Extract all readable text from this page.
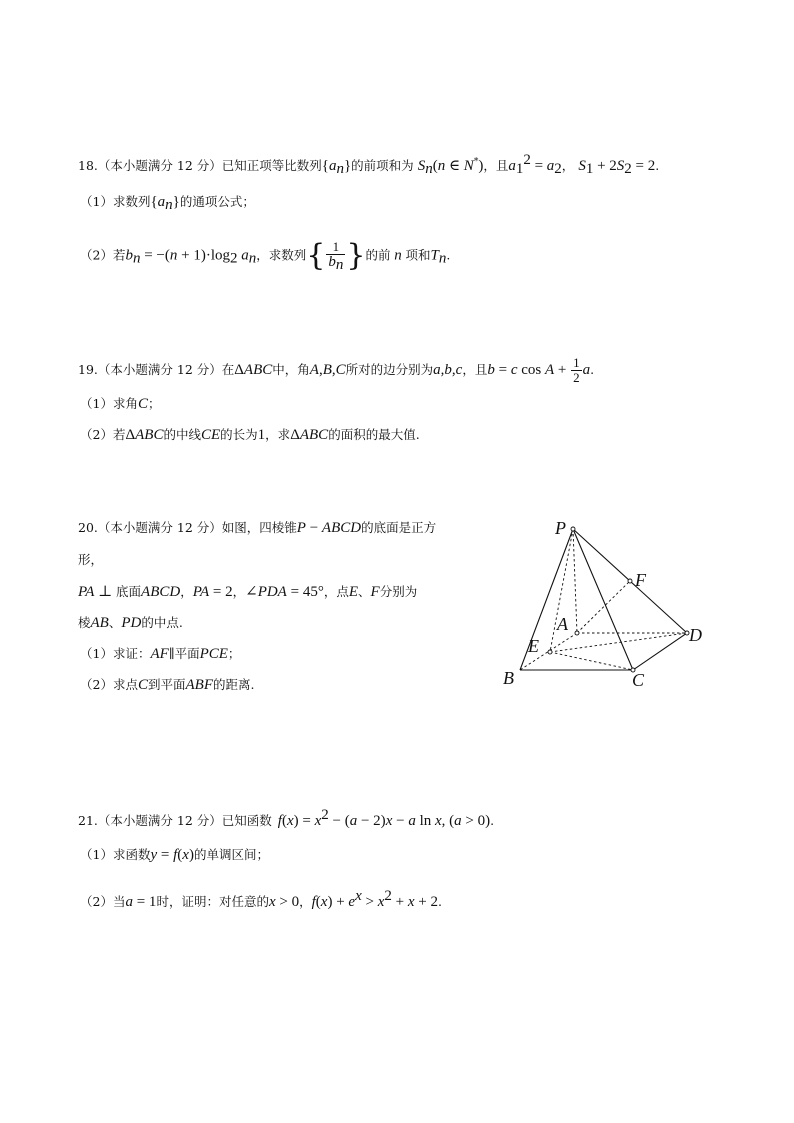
18.（本小题满分 12 分）已知正项等比数列$\{a_n\}$的前项和为 $S_n(n$ ∈ N*)，且$a_1^2 = a_2$， $S_1 + 2S_2 = 2$.
（1）求数列$\{a_n\}$的通项公式；
（2）若$b_n = -(n + 1)\cdot\log_2$ $a_n$，求数列{ $\frac{1}{b_n}$ }的前 n 项和$T_n$.
19.（本小题满分 12 分）在ΔABC中，角A,B,C所对的边分别为a,b,c，且b = c $\cos A + \frac{1}{2} a$.
（1）求角C；
（2）若ΔABC的中线CE的长为1，求ΔABC的面积的最大值.
20.（本小题满分 12 分）如图，四棱锥P − ABCD的底面是正方
形，
PA ⊥ 底面ABCD，PA = 2，∠PDA = 45°，点E、F分别为
棱AB、PD的中点.
（1）求证：AF∥平面PCE；
（2）求点C到平面ABF的距离.
P
F
A
D
E
B	C
21.（本小题满分 12 分）已知函数 $f(x) = x^2 - (a - 2)x - a$ ln x, (a > 0).
（1）求函数y = f(x)的单调区间；
（2）当a = 1时，证明：对任意的x > 0，$f(x) + e^x > x^2 + x + 2$.
